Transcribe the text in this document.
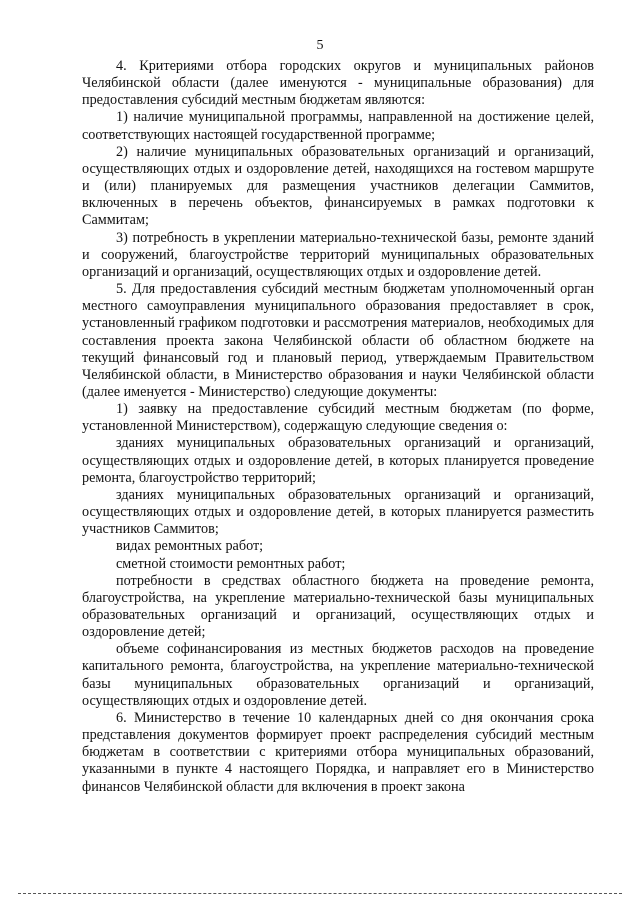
5

4. Критериями отбора городских округов и муниципальных районов Челябинской области (далее именуются - муниципальные образования) для предоставления субсидий местным бюджетам являются:

1) наличие муниципальной программы, направленной на достижение целей, соответствующих настоящей государственной программе;

2) наличие муниципальных образовательных организаций и организаций, осуществляющих отдых и оздоровление детей, находящихся на гостевом маршруте и (или) планируемых для размещения участников делегации Саммитов, включенных в перечень объектов, финансируемых в рамках подготовки к Саммитам;

3) потребность в укреплении материально-технической базы, ремонте зданий и сооружений, благоустройстве территорий муниципальных образовательных организаций и организаций, осуществляющих отдых и оздоровление детей.

5. Для предоставления субсидий местным бюджетам уполномоченный орган местного самоуправления муниципального образования предоставляет в срок, установленный графиком подготовки и рассмотрения материалов, необходимых для составления проекта закона Челябинской области об областном бюджете на текущий финансовый год и плановый период, утверждаемым Правительством Челябинской области, в Министерство образования и науки Челябинской области (далее именуется - Министерство) следующие документы:

1) заявку на предоставление субсидий местным бюджетам (по форме, установленной Министерством), содержащую следующие сведения о:

зданиях муниципальных образовательных организаций и организаций, осуществляющих отдых и оздоровление детей, в которых планируется проведение ремонта, благоустройство территорий;

зданиях муниципальных образовательных организаций и организаций, осуществляющих отдых и оздоровление детей, в которых планируется разместить участников Саммитов;

видах ремонтных работ;

сметной стоимости ремонтных работ;

потребности в средствах областного бюджета на проведение ремонта, благоустройства, на укрепление материально-технической базы муниципальных образовательных организаций и организаций, осуществляющих отдых и оздоровление детей;

объеме софинансирования из местных бюджетов расходов на проведение капитального ремонта, благоустройства, на укрепление материально-технической базы муниципальных образовательных организаций и организаций, осуществляющих отдых и оздоровление детей.

6. Министерство в течение 10 календарных дней со дня окончания срока представления документов формирует проект распределения субсидий местным бюджетам в соответствии с критериями отбора муниципальных образований, указанными в пункте 4 настоящего Порядка, и направляет его в Министерство финансов Челябинской области для включения в проект закона
